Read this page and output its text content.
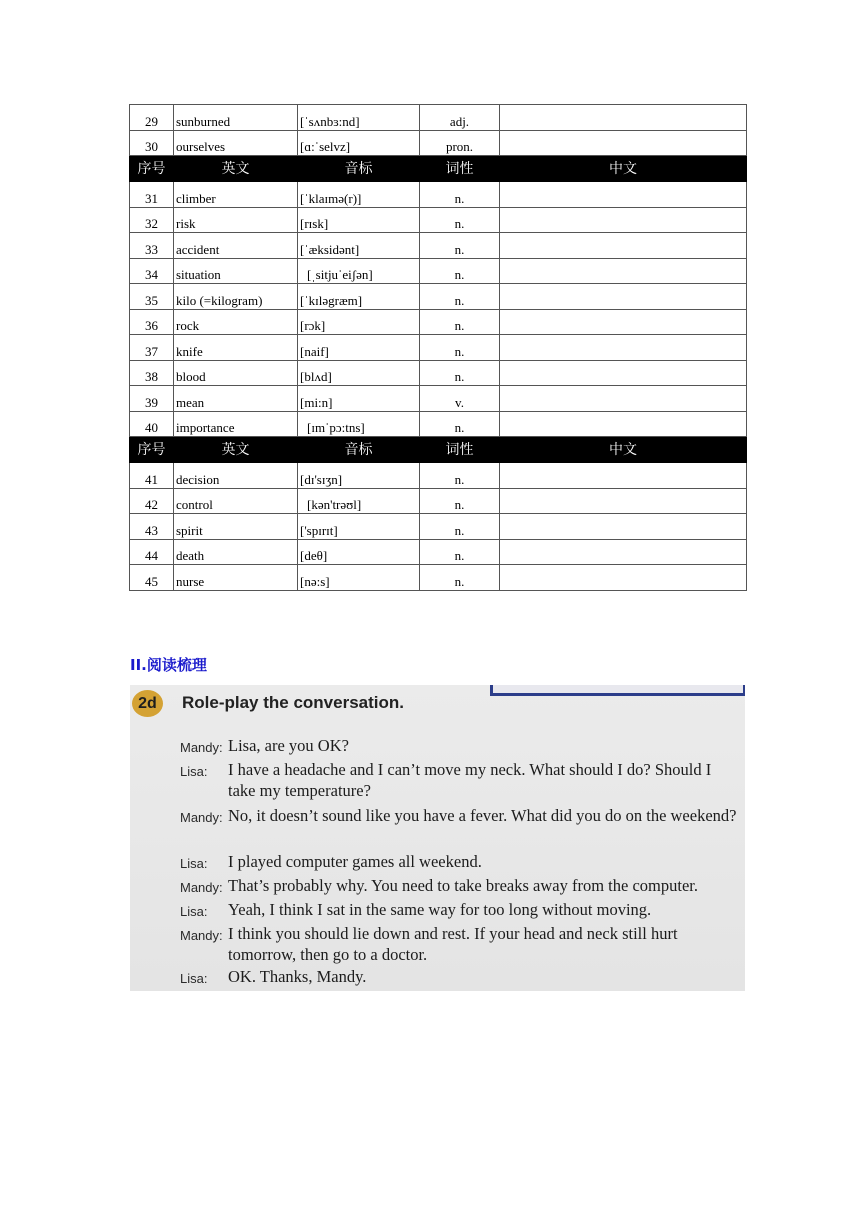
29	sunburned	[ˈsʌnbɜ:nd]	adj.	
30	ourselves	[ɑ:ˈselvz]	pron.	
序号	英文	音标	词性	中文
31	climber	[ˈklaɪmə(r)]	n.	
32	risk	[rɪsk]	n.	
33	accident	[ˈæksidənt]	n.	
34	situation	[ˌsitjuˈeiʃən]	n.	
35	kilo (=kilogram)	[ˈkɪləgræm]	n.	
36	rock	[rɔk]	n.	
37	knife	[naif]	n.	
38	blood	[blʌd]	n.	
39	mean	[mi:n]	v.	
40	importance	[ɪmˈpɔ:tns]	n.	
序号	英文	音标	词性	中文
41	decision	[dɪ'sɪʒn]	n.	
42	control	[kən'trəʊl]	n.	
43	spirit	['spɪrɪt]	n.	
44	death	[deθ]	n.	
45	nurse	[nə:s]	n.	
II.阅读梳理
2d	Role-play the conversation.
Mandy: Lisa, are you OK?
Lisa: I have a headache and I can’t move my neck. What should I do? Should I take my temperature?
Mandy: No, it doesn’t sound like you have a fever. What did you do on the weekend?
Lisa: I played computer games all weekend.
Mandy: That’s probably why. You need to take breaks away from the computer.
Lisa: Yeah, I think I sat in the same way for too long without moving.
Mandy: I think you should lie down and rest. If your head and neck still hurt tomorrow, then go to a doctor.
Lisa: OK. Thanks, Mandy.
